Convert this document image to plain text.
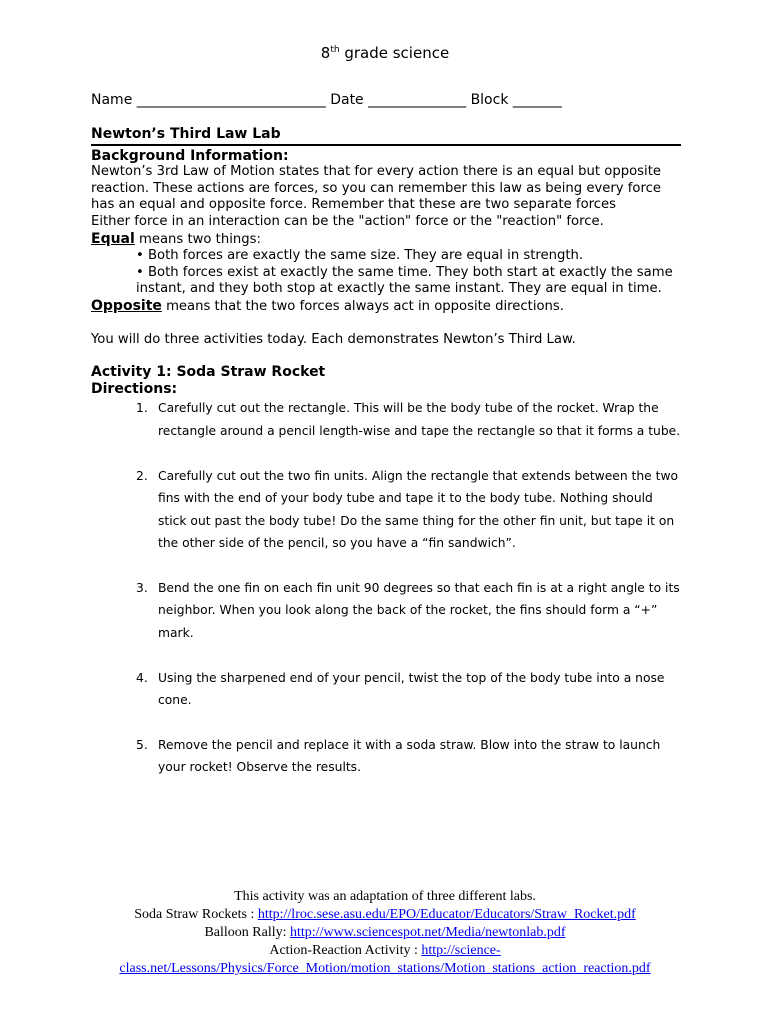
8th grade science
Name ___________________________ Date ______________ Block _______
Newton’s Third Law Lab
Background Information:
Newton’s 3rd Law of Motion states that for every action there is an equal but opposite reaction. These actions are forces, so you can remember this law as being every force has an equal and opposite force. Remember that these are two separate forces
Either force in an interaction can be the "action" force or the "reaction" force.
Equal means two things:
• Both forces are exactly the same size. They are equal in strength.
• Both forces exist at exactly the same time. They both start at exactly the same instant, and they both stop at exactly the same instant. They are equal in time.
Opposite means that the two forces always act in opposite directions.
You will do three activities today. Each demonstrates Newton’s Third Law.
Activity 1: Soda Straw Rocket
Directions:
1. Carefully cut out the rectangle. This will be the body tube of the rocket. Wrap the rectangle around a pencil length-wise and tape the rectangle so that it forms a tube.
2. Carefully cut out the two fin units. Align the rectangle that extends between the two fins with the end of your body tube and tape it to the body tube. Nothing should stick out past the body tube! Do the same thing for the other fin unit, but tape it on the other side of the pencil, so you have a “fin sandwich”.
3. Bend the one fin on each fin unit 90 degrees so that each fin is at a right angle to its neighbor. When you look along the back of the rocket, the fins should form a “+” mark.
4. Using the sharpened end of your pencil, twist the top of the body tube into a nose cone.
5. Remove the pencil and replace it with a soda straw. Blow into the straw to launch your rocket! Observe the results.
This activity was an adaptation of three different labs.
Soda Straw Rockets : http://lroc.sese.asu.edu/EPO/Educator/Educators/Straw_Rocket.pdf
Balloon Rally: http://www.sciencespot.net/Media/newtonlab.pdf
Action-Reaction Activity : http://science-
class.net/Lessons/Physics/Force_Motion/motion_stations/Motion_stations_action_reaction.pdf
